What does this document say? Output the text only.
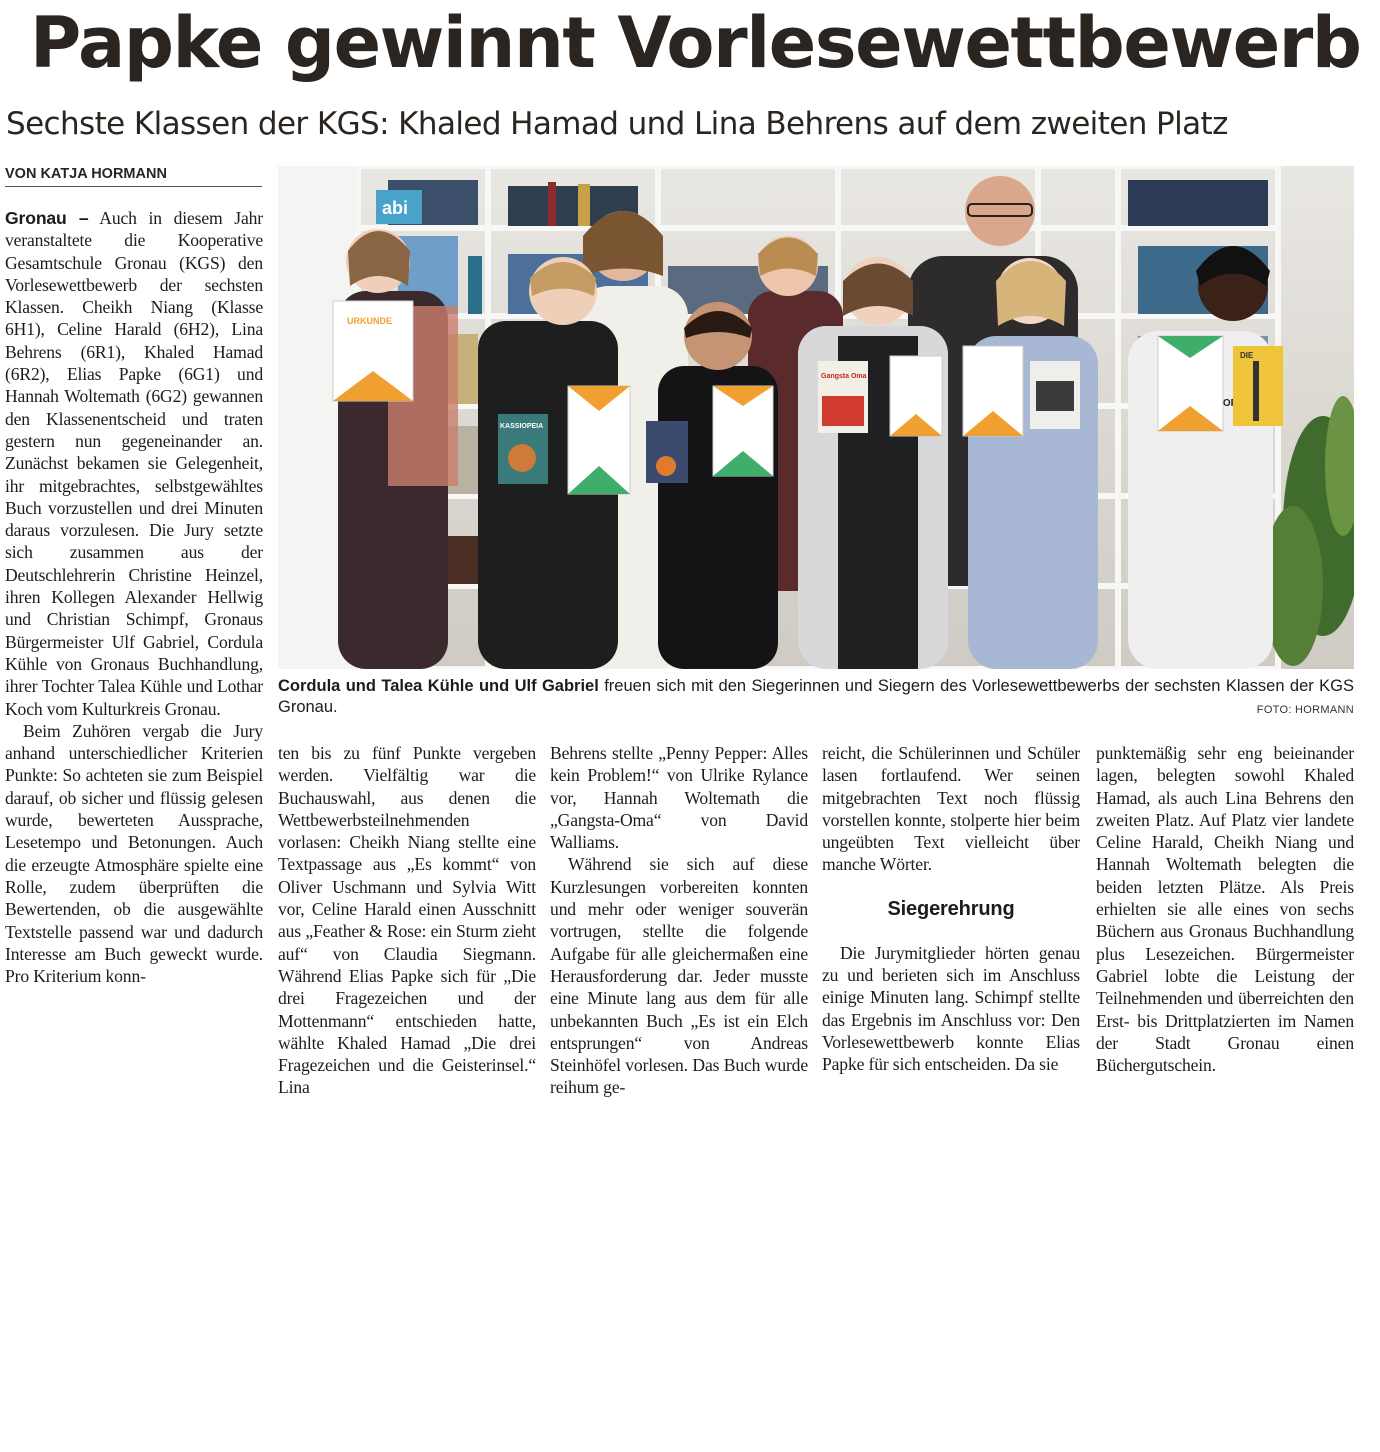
Papke gewinnt Vorlesewettbewerb
Sechste Klassen der KGS: Khaled Hamad und Lina Behrens auf dem zweiten Platz
VON KATJA HORMANN

Gronau – Auch in diesem Jahr veranstaltete die Kooperative Gesamtschule Gronau (KGS) den Vorlesewettbewerb der sechsten Klassen. Cheikh Niang (Klasse 6H1), Celine Harald (6H2), Lina Behrens (6R1), Khaled Hamad (6R2), Elias Papke (6G1) und Hannah Woltemath (6G2) gewannen den Klassenentscheid und traten gestern nun gegeneinander an. Zunächst bekamen sie Gelegenheit, ihr mitgebrachtes, selbstgewähltes Buch vorzustellen und drei Minuten daraus vorzulesen. Die Jury setzte sich zusammen aus der Deutschlehrerin Christine Heinzel, ihren Kollegen Alexander Hellwig und Christian Schimpf, Gronaus Bürgermeister Ulf Gabriel, Cordula Kühle von Gronaus Buchhandlung, ihrer Tochter Talea Kühle und Lothar Koch vom Kulturkreis Gronau.

Beim Zuhören vergab die Jury anhand unterschiedlicher Kriterien Punkte: So achteten sie zum Beispiel darauf, ob sicher und flüssig gelesen wurde, bewerteten Aussprache, Lesetempo und Betonungen. Auch die erzeugte Atmosphäre spielte eine Rolle, zudem überprüften die Bewertenden, ob die ausgewählte Textstelle passend war und dadurch Interesse am Buch geweckt wurde. Pro Kriterium konn-

abi
STOP
URKUNDE
KASSIOPEIA
Gangsta Oma
DIE
Cordula und Talea Kühle und Ulf Gabriel freuen sich mit den Siegerinnen und Siegern des Vorlesewettbewerbs der sechsten Klassen der KGS Gronau.	FOTO: HORMANN

ten bis zu fünf Punkte vergeben werden. Vielfältig war die Buchauswahl, aus denen die Wettbewerbsteilnehmenden vorlasen: Cheikh Niang stellte eine Textpassage aus „Es kommt“ von Oliver Uschmann und Sylvia Witt vor, Celine Harald einen Ausschnitt aus „Feather & Rose: ein Sturm zieht auf“ von Claudia Siegmann. Während Elias Papke sich für „Die drei Fragezeichen und der Mottenmann“ entschieden hatte, wählte Khaled Hamad „Die drei Fragezeichen und die Geisterinsel.“ Lina

Behrens stellte „Penny Pepper: Alles kein Problem!“ von Ulrike Rylance vor, Hannah Woltemath die „Gangsta-Oma“ von David Walliams.

Während sie sich auf diese Kurzlesungen vorbereiten konnten und mehr oder weniger souverän vortrugen, stellte die folgende Aufgabe für alle gleichermaßen eine Herausforderung dar. Jeder musste eine Minute lang aus dem für alle unbekannten Buch „Es ist ein Elch entsprungen“ von Andreas Steinhöfel vorlesen. Das Buch wurde reihum ge-

reicht, die Schülerinnen und Schüler lasen fortlaufend. Wer seinen mitgebrachten Text noch flüssig vorstellen konnte, stolperte hier beim ungeübten Text vielleicht über manche Wörter.

Siegerehrung

Die Jurymitglieder hörten genau zu und berieten sich im Anschluss einige Minuten lang. Schimpf stellte das Ergebnis im Anschluss vor: Den Vorlesewettbewerb konnte Elias Papke für sich entscheiden. Da sie

punktemäßig sehr eng beieinander lagen, belegten sowohl Khaled Hamad, als auch Lina Behrens den zweiten Platz. Auf Platz vier landete Celine Harald, Cheikh Niang und Hannah Woltemath belegten die beiden letzten Plätze. Als Preis erhielten sie alle eines von sechs Büchern aus Gronaus Buchhandlung plus Lesezeichen. Bürgermeister Gabriel lobte die Leistung der Teilnehmenden und überreichten den Erst- bis Drittplatzierten im Namen der Stadt Gronau einen Büchergutschein.
